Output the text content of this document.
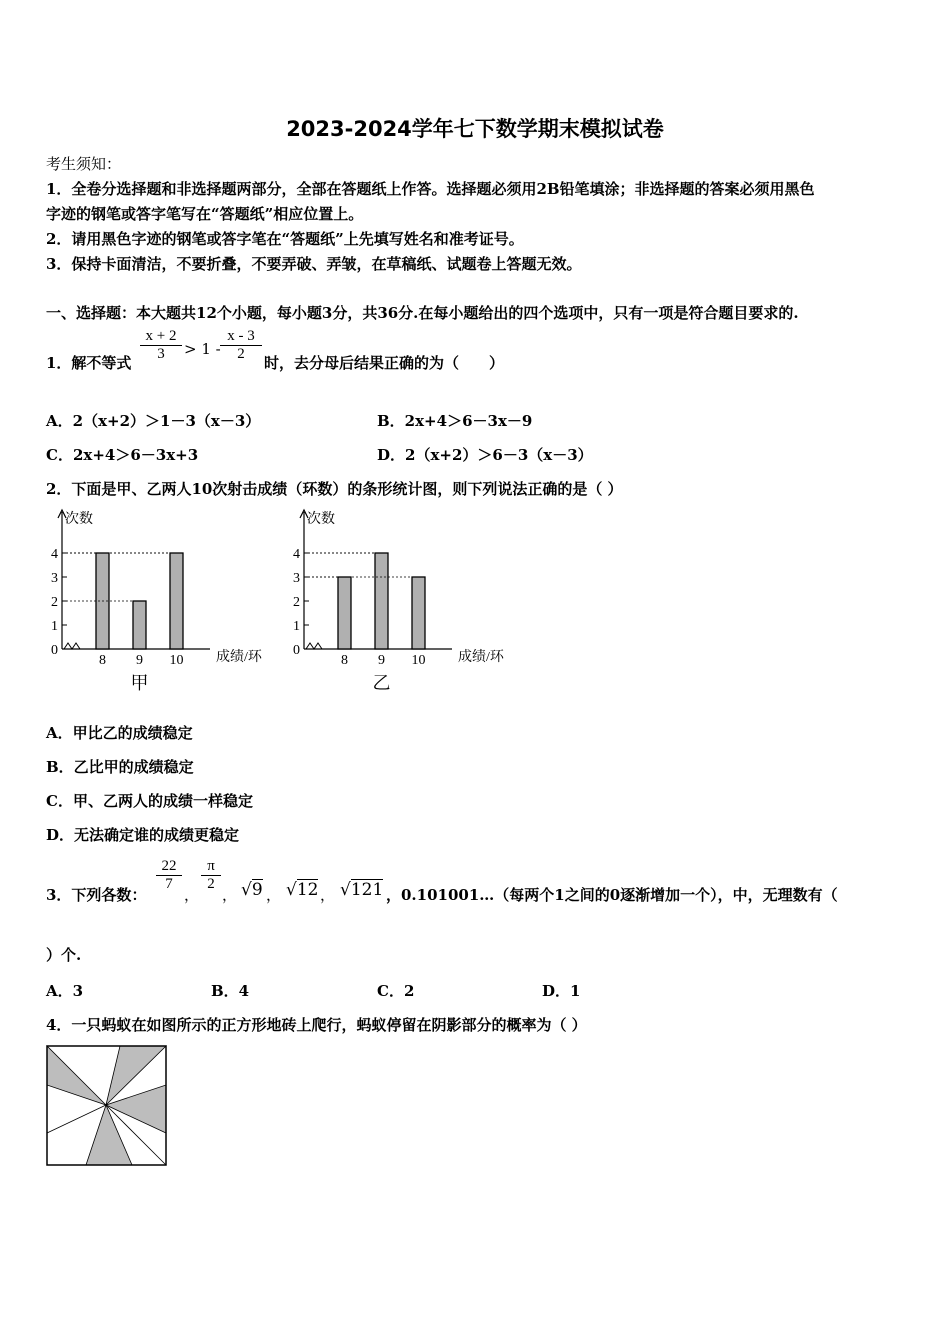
2023-2024学年七下数学期末模拟试卷
考生须知：
1．全卷分选择题和非选择题两部分，全部在答题纸上作答。选择题必须用2B铅笔填涂；非选择题的答案必须用黑色
字迹的钢笔或答字笔写在“答题纸”相应位置上。
2．请用黑色字迹的钢笔或答字笔在“答题纸”上先填写姓名和准考证号。
3．保持卡面清洁，不要折叠，不要弄破、弄皱，在草稿纸、试题卷上答题无效。
一、选择题：本大题共12个小题，每小题3分，共36分.在每小题给出的四个选项中，只有一项是符合题目要求的.
1．解不等式 $\frac{x + 2}{3} > 1 - \frac{x - 3}{2}$ 时，去分母后结果正确的为（　　）
A．2（x+2）＞1－3（x－3）	B．2x+4＞6－3x－9
C．2x+4＞6－3x+3	D．2（x+2）＞6－3（x－3）
2．下面是甲、乙两人10次射击成绩（环数）的条形统计图，则下列说法正确的是（ ）
次数
成绩/环
0
1
2
3
4
8 9 10
甲
次数
成绩/环
0
1
2
3
4
8 9 10
乙
A．甲比乙的成绩稳定
B．乙比甲的成绩稳定
C．甲、乙两人的成绩一样稳定
D．无法确定谁的成绩更稳定
3．下列各数：
$\frac{22}{7}$
，
$\frac{\pi}{2}$
， √9 ， √12 ， √121 ，0.101001…（每两个1之间的0逐渐增加一个），中，无理数有（
）个.
A．3	B．4	C．2	D．1
4．一只蚂蚁在如图所示的正方形地砖上爬行，蚂蚁停留在阴影部分的概率为（ ）
